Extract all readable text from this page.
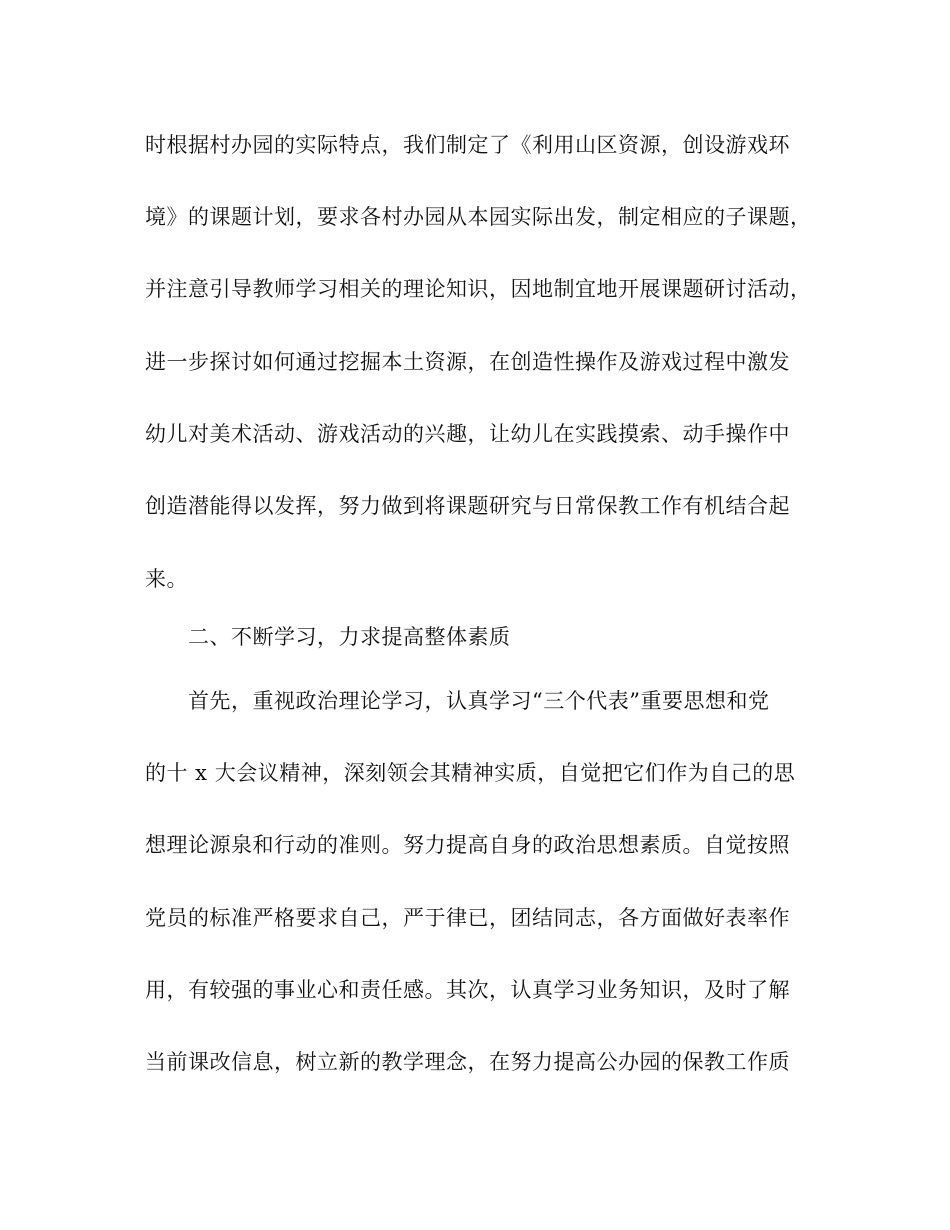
时根据村办园的实际特点，我们制定了《利用山区资源，创设游戏环
境》的课题计划，要求各村办园从本园实际出发，制定相应的子课题，
并注意引导教师学习相关的理论知识，因地制宜地开展课题研讨活动，
进一步探讨如何通过挖掘本土资源，在创造性操作及游戏过程中激发
幼儿对美术活动、游戏活动的兴趣，让幼儿在实践摸索、动手操作中
创造潜能得以发挥，努力做到将课题研究与日常保教工作有机结合起
来。
二、不断学习，力求提高整体素质
首先，重视政治理论学习，认真学习“三个代表”重要思想和党
的十 x 大会议精神，深刻领会其精神实质，自觉把它们作为自己的思
想理论源泉和行动的准则。努力提高自身的政治思想素质。自觉按照
党员的标准严格要求自己，严于律已，团结同志，各方面做好表率作
用，有较强的事业心和责任感。其次，认真学习业务知识，及时了解
当前课改信息，树立新的教学理念，在努力提高公办园的保教工作质
